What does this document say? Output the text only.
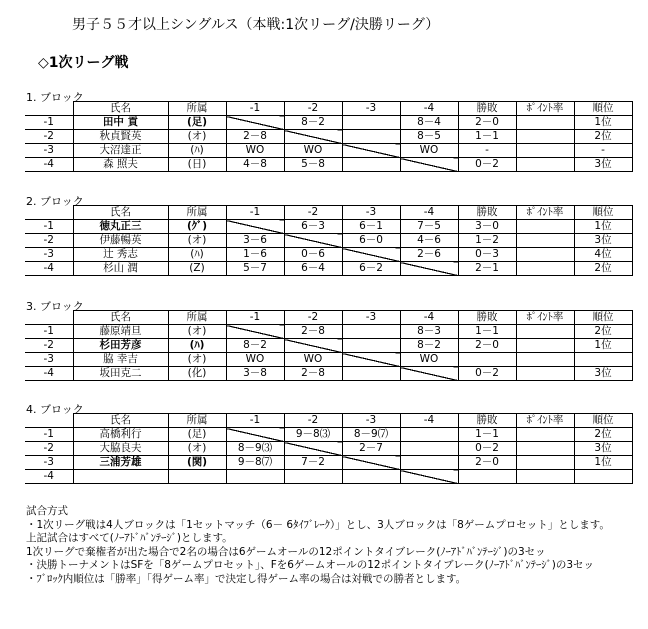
男子５５才以上シングルス（本戦:1次リーグ/決勝リーグ）
◇1次リーグ戦
1. ブロック
	氏名	所属	-1	-2	-3	-4	勝敗	ﾎﾟｲﾝﾄ率	順位
-1	田中 貢	(足)		8－2		8－4	2－0		1位
-2	秋貞賢英	(オ)	2－8			8－5	1－1		2位
-3	大沼達正	(ﾊ)	WO	WO		WO	-		-
-4	森 照夫	(日)	4－8	5－8			0－2		3位
2. ブロック
	氏名	所属	-1	-2	-3	-4	勝敗	ﾎﾟｲﾝﾄ率	順位
-1	徳丸正三	(ｸﾞ)		6－3	6－1	7－5	3－0		1位
-2	伊藤暢英	(オ)	3－6		6－0	4－6	1－2		3位
-3	辻 秀志	(ﾊ)	1－6	0－6		2－6	0－3		4位
-4	杉山 潤	(Z)	5－7	6－4	6－2		2－1		2位
3. ブロック
	氏名	所属	-1	-2	-3	-4	勝敗	ﾎﾟｲﾝﾄ率	順位
-1	藤原靖旦	(オ)		2－8		8－3	1－1		2位
-2	杉田芳彦	(ﾊ)	8－2			8－2	2－0		1位
-3	脇 幸吉	(オ)	WO	WO		WO			
-4	坂田克二	(化)	3－8	2－8			0－2		3位
4. ブロック
	氏名	所属	-1	-2	-3	-4	勝敗	ﾎﾟｲﾝﾄ率	順位
-1	高橋利行	(足)		9－8⑶	8－9⑺		1－1		2位
-2	大脇良夫	(オ)	8－9⑶		2－7		0－2		3位
-3	三浦芳雄	(関)	9－8⑺	7－2			2－0		1位
-4									
試合方式
・1次リーグ戦は4人ブロックは「1セットマッチ（6－ 6ﾀｲﾌﾞﾚｰｸ）」とし、3人ブロックは「8ゲームプロセット」とします。
上記試合はすべて(ﾉｰｱﾄﾞﾊﾞﾝﾃｰｼﾞ)とします。
1次リーグで棄権者が出た場合で2名の場合は6ゲームオールの12ポイントタイブレーク(ﾉｰｱﾄﾞﾊﾞﾝﾃｰｼﾞ)の3セッ
・決勝トーナメントはSFを「8ゲームプロセット」、Fを6ゲームオールの12ポイントタイブレーク(ﾉｰｱﾄﾞﾊﾞﾝﾃｰｼﾞ)の3セッ
・ﾌﾞﾛｯｸ内順位は「勝率」「得ゲーム率」で決定し得ゲーム率の場合は対戦での勝者とします。
